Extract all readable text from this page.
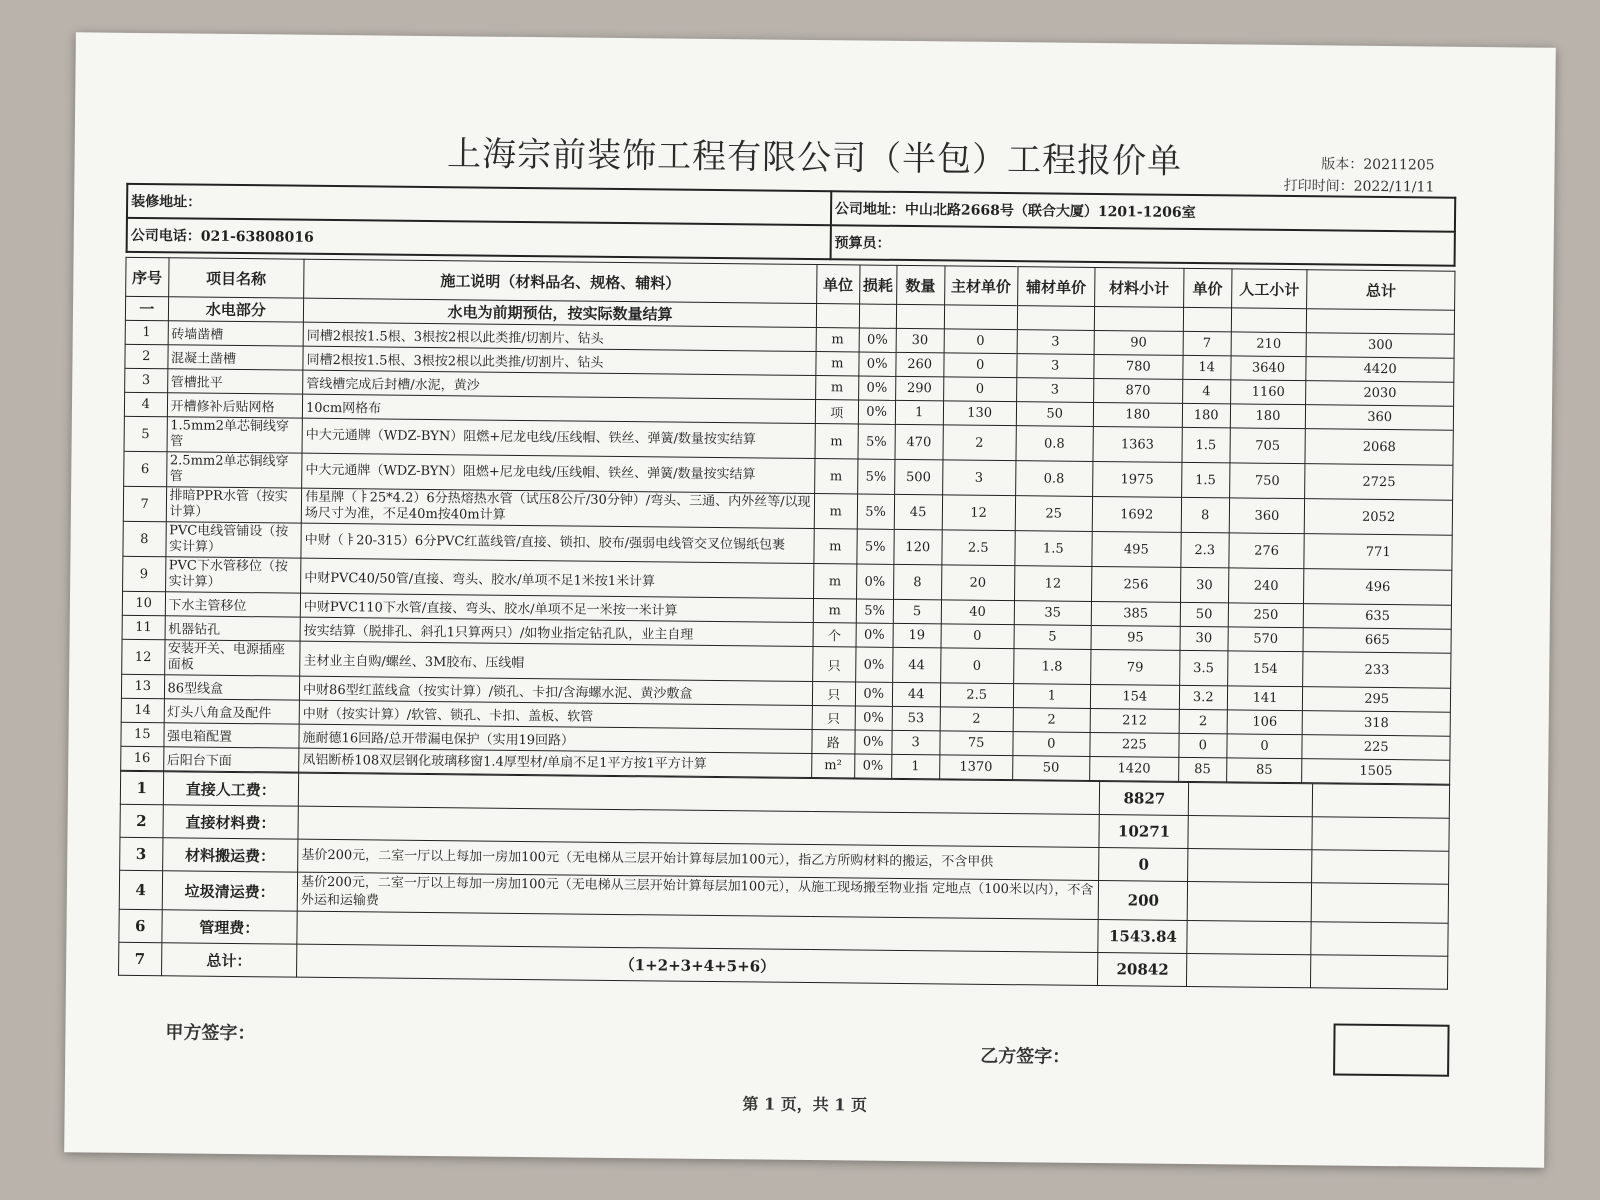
上海宗前装饰工程有限公司（半包）工程报价单	版本：20211205
打印时间：2022/11/11
装修地址：	公司地址：中山北路2668号（联合大厦）1201-1206室
公司电话：021-63808016	预算员：
序号	项目名称	施工说明（材料品名、规格、辅料）	单位	损耗	数量	主材单价	辅材单价	材料小计	单价	人工小计	总计
一	水电部分	水电为前期预估，按实际数量结算									
1	砖墙凿槽	同槽2根按1.5根、3根按2根以此类推/切割片、钻头	m	0%	30	0	3	90	7	210	300
2	混凝土凿槽	同槽2根按1.5根、3根按2根以此类推/切割片、钻头	m	0%	260	0	3	780	14	3640	4420
3	管槽批平	管线槽完成后封槽/水泥，黄沙	m	0%	290	0	3	870	4	1160	2030
4	开槽修补后贴网格	10cm网格布	项	0%	1	130	50	180	180	180	360
5	1.5mm2单芯铜线穿管	中大元通牌（WDZ-BYN）阻燃+尼龙电线/压线帽、铁丝、弹簧/数量按实结算	m	5%	470	2	0.8	1363	1.5	705	2068
6	2.5mm2单芯铜线穿管	中大元通牌（WDZ-BYN）阻燃+尼龙电线/压线帽、铁丝、弹簧/数量按实结算	m	5%	500	3	0.8	1975	1.5	750	2725
7	排暗PPR水管（按实计算）	伟星牌（ￄ25*4.2）6分热熔热水管（试压8公斤/30分钟）/弯头、三通、内外丝等/以现场尺寸为准，不足40m按40m计算	m	5%	45	12	25	1692	8	360	2052
8	PVC电线管铺设（按实计算）	中财（ￄ20-315）6分PVC红蓝线管/直接、锁扣、胶布/强弱电线管交叉位锡纸包裹	m	5%	120	2.5	1.5	495	2.3	276	771
9	PVC下水管移位（按实计算）	中财PVC40/50管/直接、弯头、胶水/单项不足1米按1米计算	m	0%	8	20	12	256	30	240	496
10	下水主管移位	中财PVC110下水管/直接、弯头、胶水/单项不足一米按一米计算	m	5%	5	40	35	385	50	250	635
11	机器钻孔	按实结算（脱排孔、斜孔1只算两只）/如物业指定钻孔队，业主自理	个	0%	19	0	5	95	30	570	665
12	安装开关、电源插座面板	主材业主自购/螺丝、3M胶布、压线帽	只	0%	44	0	1.8	79	3.5	154	233
13	86型线盒	中财86型红蓝线盒（按实计算）/锁孔、卡扣/含海螺水泥、黄沙敷盒	只	0%	44	2.5	1	154	3.2	141	295
14	灯头八角盒及配件	中财（按实计算）/软管、锁孔、卡扣、盖板、软管	只	0%	53	2	2	212	2	106	318
15	强电箱配置	施耐德16回路/总开带漏电保护（实用19回路）	路	0%	3	75	0	225	0	0	225
16	后阳台下面	凤铝断桥108双层钢化玻璃移窗1.4厚型材/单扇不足1平方按1平方计算	m²	0%	1	1370	50	1420	85	85	1505
1	直接人工费：		8827		
2	直接材料费：		10271		
3	材料搬运费：	基价200元，二室一厅以上每加一房加100元（无电梯从三层开始计算每层加100元），指乙方所购材料的搬运，不含甲供	0		
4	垃圾清运费：	基价200元，二室一厅以上每加一房加100元（无电梯从三层开始计算每层加100元），从施工现场搬至物业指 定地点（100米以内），不含外运和运输费	200		
6	管理费：		1543.84		
7	总计：	（1+2+3+4+5+6）	20842		
甲方签字：
乙方签字：
第 1 页，共 1 页
